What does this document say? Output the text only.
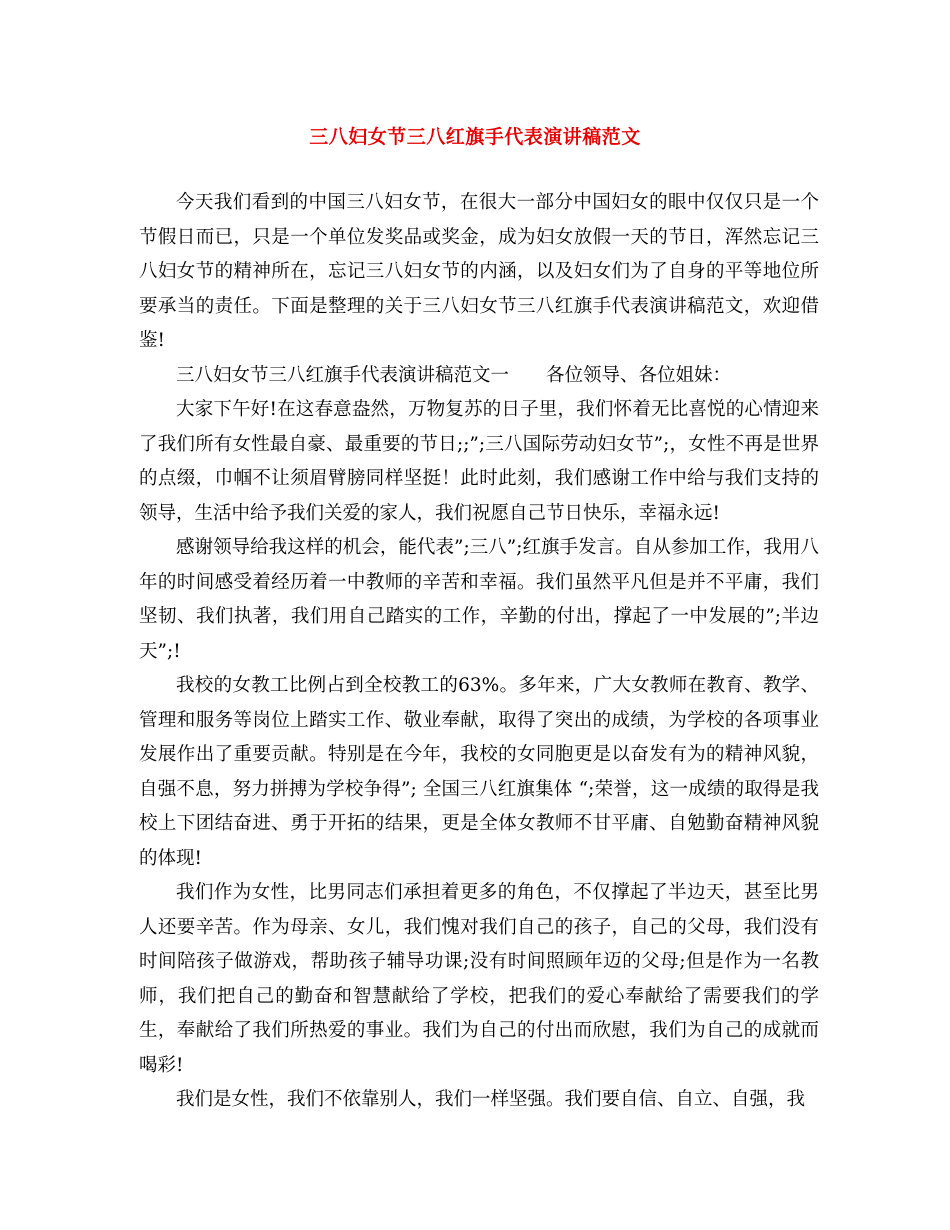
三八妇女节三八红旗手代表演讲稿范文

今天我们看到的中国三八妇女节，在很大一部分中国妇女的眼中仅仅只是一个节假日而已，只是一个单位发奖品或奖金，成为妇女放假一天的节日，浑然忘记三八妇女节的精神所在，忘记三八妇女节的内涵，以及妇女们为了自身的平等地位所要承当的责任。下面是整理的关于三八妇女节三八红旗手代表演讲稿范文，欢迎借鉴!

三八妇女节三八红旗手代表演讲稿范文一　　各位领导、各位姐妹：

大家下午好!在这春意盎然，万物复苏的日子里，我们怀着无比喜悦的心情迎来了我们所有女性最自豪、最重要的节日;;”;三八国际劳动妇女节”;，女性不再是世界的点缀，巾帼不让须眉臂膀同样坚挺！此时此刻，我们感谢工作中给与我们支持的领导，生活中给予我们关爱的家人，我们祝愿自己节日快乐，幸福永远!

感谢领导给我这样的机会，能代表”;三八”;红旗手发言。自从参加工作，我用八年的时间感受着经历着一中教师的辛苦和幸福。我们虽然平凡但是并不平庸，我们坚韧、我们执著，我们用自己踏实的工作，辛勤的付出，撑起了一中发展的”;半边天”;!

我校的女教工比例占到全校教工的63%。多年来，广大女教师在教育、教学、管理和服务等岗位上踏实工作、敬业奉献，取得了突出的成绩，为学校的各项事业发展作出了重要贡献。特别是在今年，我校的女同胞更是以奋发有为的精神风貌，自强不息，努力拼搏为学校争得”; 全国三八红旗集体 “;荣誉，这一成绩的取得是我校上下团结奋进、勇于开拓的结果，更是全体女教师不甘平庸、自勉勤奋精神风貌的体现!

我们作为女性，比男同志们承担着更多的角色，不仅撑起了半边天，甚至比男人还要辛苦。作为母亲、女儿，我们愧对我们自己的孩子，自己的父母，我们没有时间陪孩子做游戏，帮助孩子辅导功课;没有时间照顾年迈的父母;但是作为一名教师，我们把自己的勤奋和智慧献给了学校，把我们的爱心奉献给了需要我们的学生，奉献给了我们所热爱的事业。我们为自己的付出而欣慰，我们为自己的成就而喝彩!

我们是女性，我们不依靠别人，我们一样坚强。我们要自信、自立、自强，我
